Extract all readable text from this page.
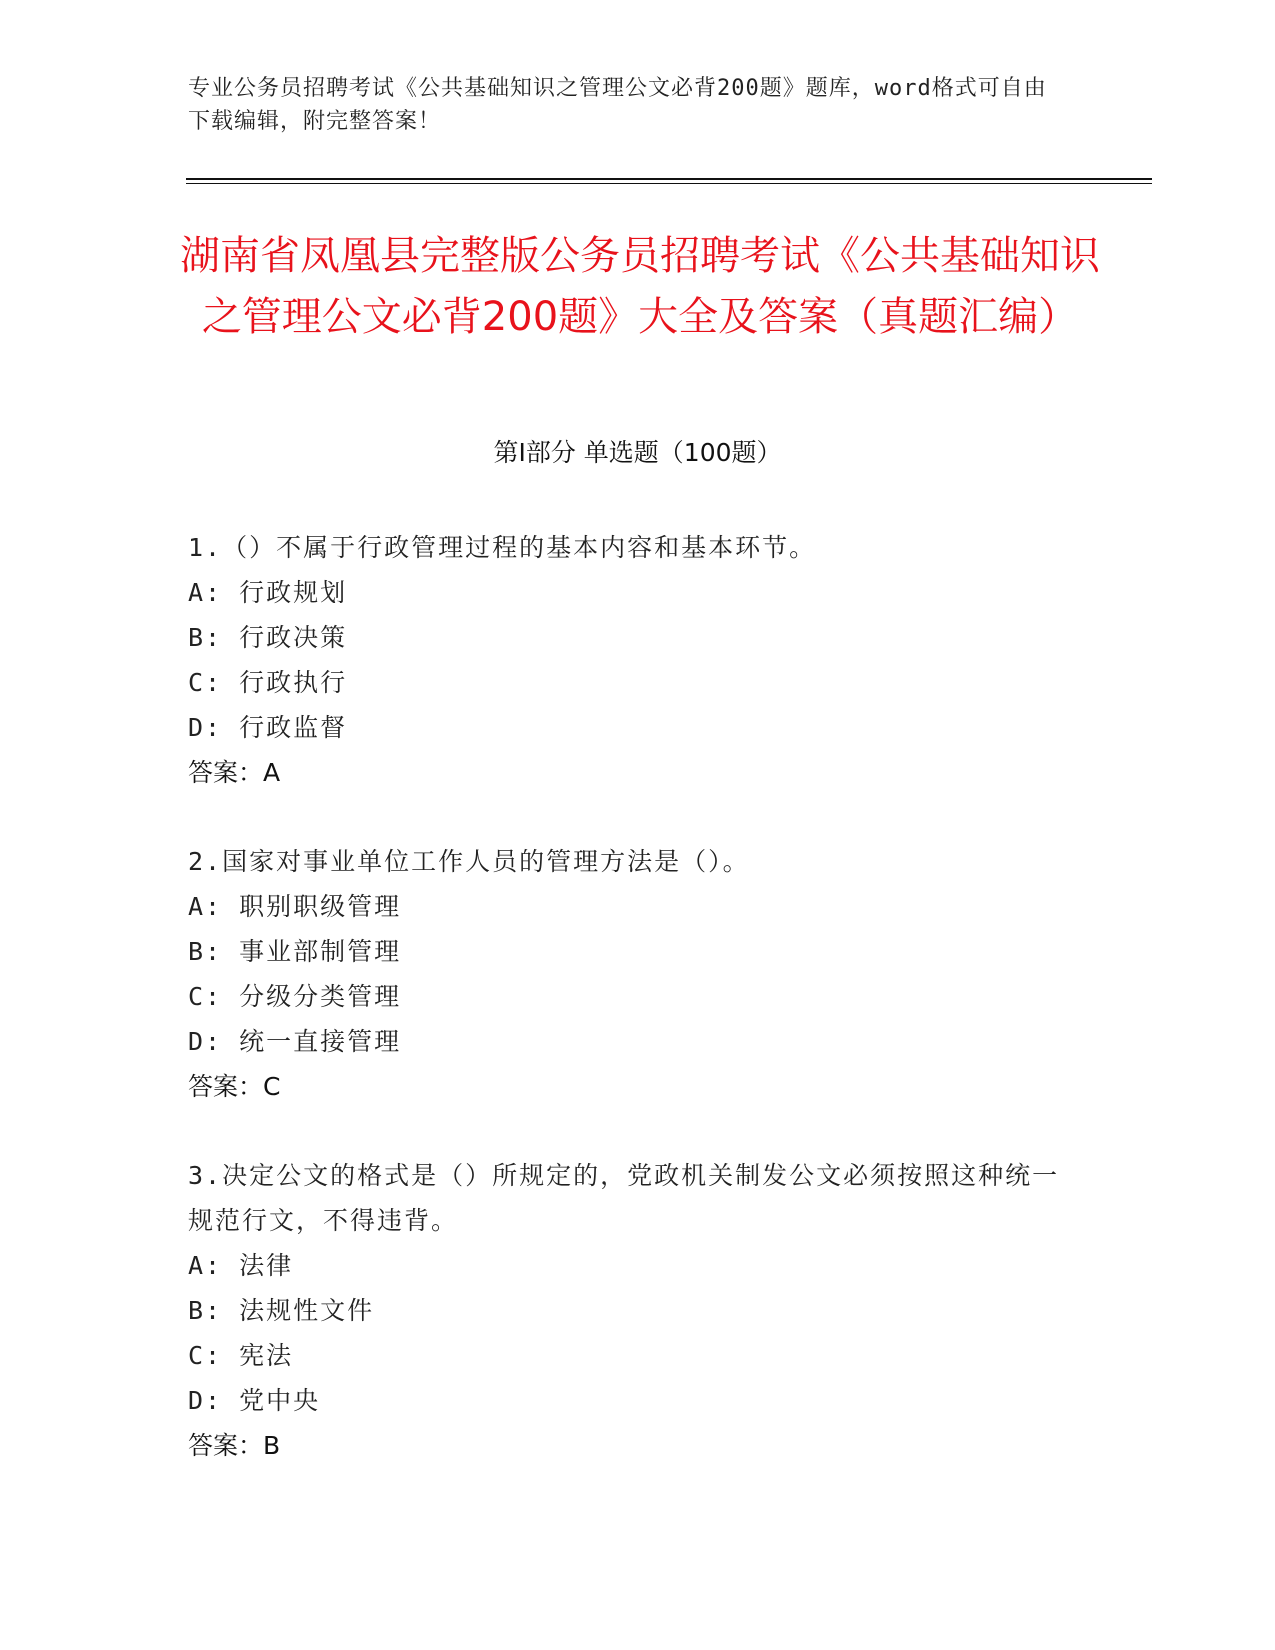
专业公务员招聘考试《公共基础知识之管理公文必背200题》题库，word格式可自由下载编辑，附完整答案！
湖南省凤凰县完整版公务员招聘考试《公共基础知识之管理公文必背200题》大全及答案（真题汇编）
第I部分 单选题（100题）

1.（）不属于行政管理过程的基本内容和基本环节。

A: 行政规划

B: 行政决策

C: 行政执行

D: 行政监督

答案：A

2.国家对事业单位工作人员的管理方法是（）。

A: 职别职级管理

B: 事业部制管理

C: 分级分类管理

D: 统一直接管理

答案：C

3.决定公文的格式是（）所规定的，党政机关制发公文必须按照这种统一规范行文，不得违背。

A: 法律

B: 法规性文件

C: 宪法

D: 党中央

答案：B
